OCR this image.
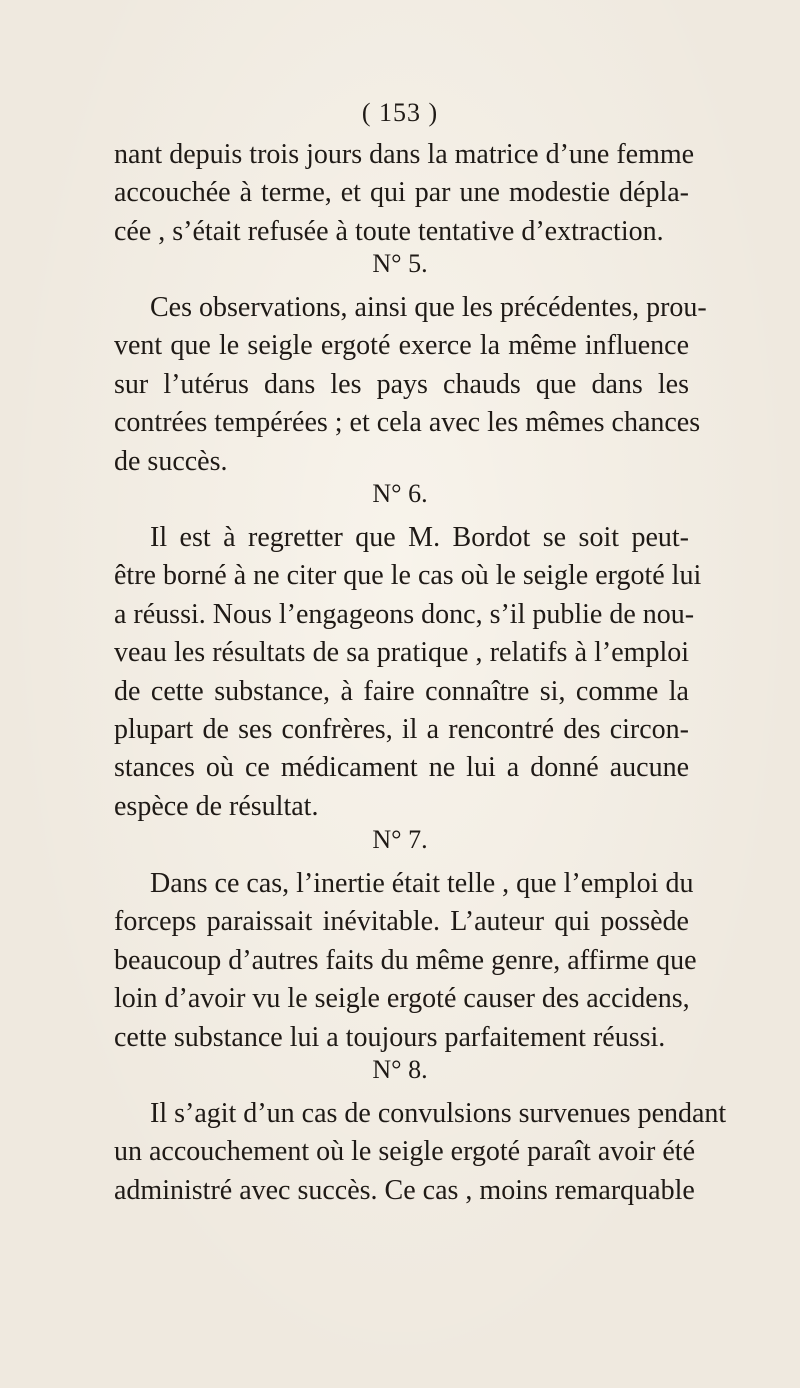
( 153 )
nant depuis trois jours dans la matrice d’une femme
accouchée à terme, et qui par une modestie dépla-
cée , s’était refusée à toute tentative d’extraction.
N° 5.
Ces observations, ainsi que les précédentes, prou-
vent que le seigle ergoté exerce la même influence
sur l’utérus dans les pays chauds que dans les
contrées tempérées ; et cela avec les mêmes chances
de succès.
N° 6.
Il est à regretter que M. Bordot se soit peut-
être borné à ne citer que le cas où le seigle ergoté lui
a réussi. Nous l’engageons donc, s’il publie de nou-
veau les résultats de sa pratique , relatifs à l’emploi
de cette substance, à faire connaître si, comme la
plupart de ses confrères, il a rencontré des circon-
stances où ce médicament ne lui a donné aucune
espèce de résultat.
N° 7.
Dans ce cas, l’inertie était telle , que l’emploi du
forceps paraissait inévitable. L’auteur qui possède
beaucoup d’autres faits du même genre, affirme que
loin d’avoir vu le seigle ergoté causer des accidens,
cette substance lui a toujours parfaitement réussi.
N° 8.
Il s’agit d’un cas de convulsions survenues pendant
un accouchement où le seigle ergoté paraît avoir été
administré avec succès. Ce cas , moins remarquable
